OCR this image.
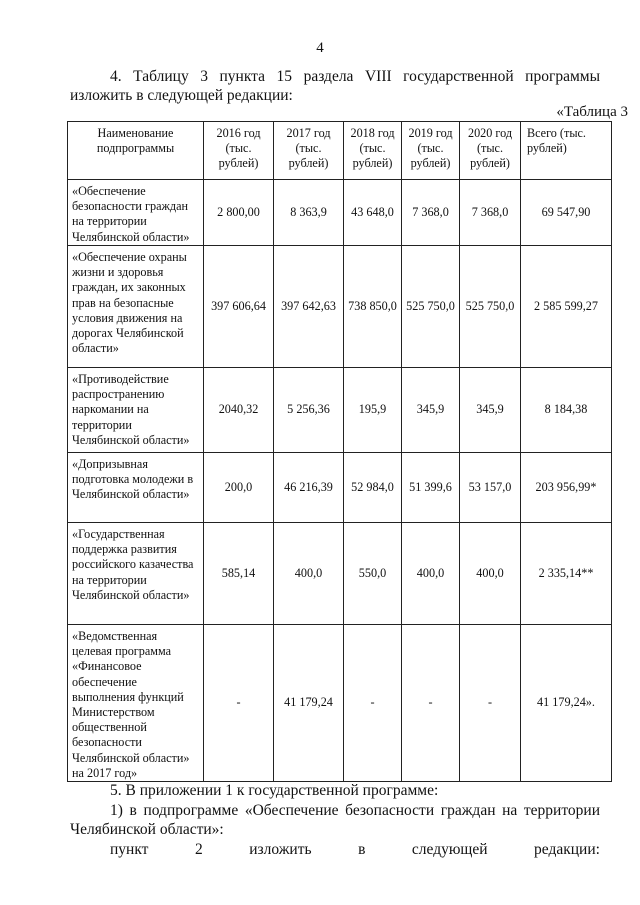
4
4. Таблицу 3 пункта 15 раздела VIII государственной программы
изложить в следующей редакции:
«Таблица 3
Наименование подпрограммы	2016 год (тыс. рублей)	2017 год (тыс. рублей)	2018 год (тыс. рублей)	2019 год (тыс. рублей)	2020 год (тыс. рублей)	Всего (тыс. рублей)
«Обеспечение безопасности граждан на территории Челябинской области»	2 800,00	8 363,9	43 648,0	7 368,0	7 368,0	69 547,90
«Обеспечение охраны жизни и здоровья граждан, их законных прав на безопасные условия движения на дорогах Челябинской области»	397 606,64	397 642,63	738 850,0	525 750,0	525 750,0	2 585 599,27
«Противодействие распространению наркомании на территории Челябинской области»	2040,32	5 256,36	195,9	345,9	345,9	8 184,38
«Допризывная подготовка молодежи в Челябинской области»	200,0	46 216,39	52 984,0	51 399,6	53 157,0	203 956,99*
«Государственная поддержка развития российского казачества на территории Челябинской области»	585,14	400,0	550,0	400,0	400,0	2 335,14**
«Ведомственная целевая программа «Финансовое обеспечение выполнения функций Министерством общественной безопасности Челябинской области» на 2017 год»	-	41 179,24	-	-	-	41 179,24».

5. В приложении 1 к государственной программе:

1) в подпрограмме «Обеспечение безопасности граждан на территории Челябинской области»:

пункт	2	изложить	в	следующей	редакции:
